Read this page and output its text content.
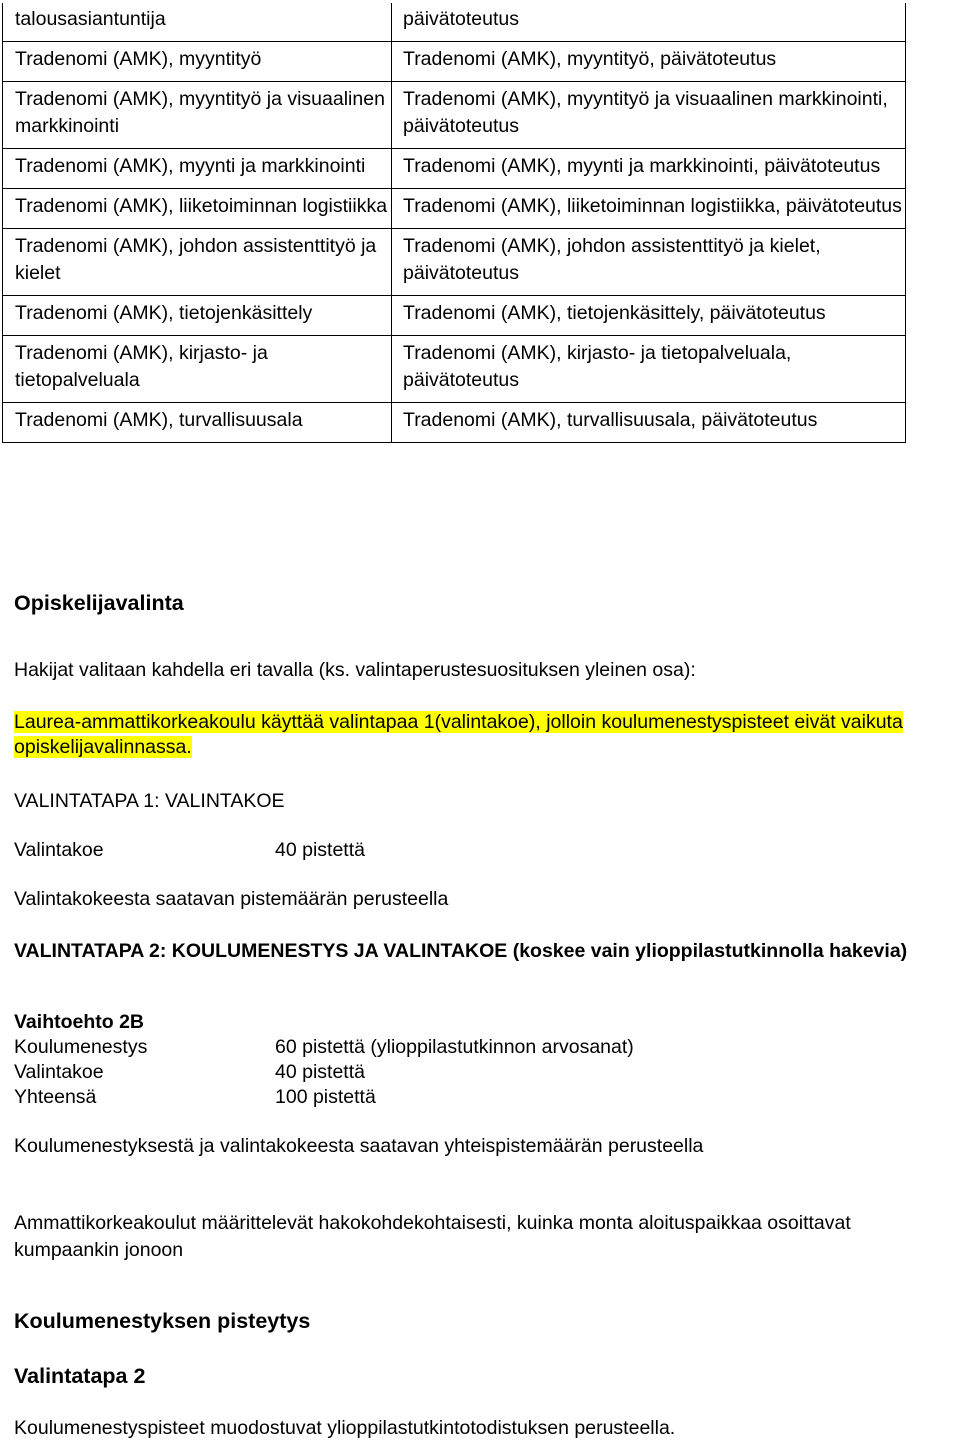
talousasiantuntija	päivätoteutus
Tradenomi (AMK), myyntityö	Tradenomi (AMK), myyntityö, päivätoteutus
Tradenomi (AMK), myyntityö ja visuaalinen markkinointi	Tradenomi (AMK), myyntityö ja visuaalinen markkinointi, päivätoteutus
Tradenomi (AMK), myynti ja markkinointi	Tradenomi (AMK), myynti ja markkinointi, päivätoteutus
Tradenomi (AMK), liiketoiminnan logistiikka	Tradenomi (AMK), liiketoiminnan logistiikka, päivätoteutus
Tradenomi (AMK), johdon assistenttityö ja kielet	Tradenomi (AMK), johdon assistenttityö ja kielet, päivätoteutus
Tradenomi (AMK), tietojenkäsittely	Tradenomi (AMK), tietojenkäsittely, päivätoteutus
Tradenomi (AMK), kirjasto- ja tietopalveluala	Tradenomi (AMK), kirjasto- ja tietopalveluala, päivätoteutus
Tradenomi (AMK), turvallisuusala	Tradenomi (AMK), turvallisuusala, päivätoteutus
Opiskelijavalinta
Hakijat valitaan kahdella eri tavalla (ks. valintaperustesuosituksen yleinen osa):
Laurea-ammattikorkeakoulu käyttää valintapaa 1(valintakoe), jolloin koulumenestyspisteet eivät vaikuta opiskelijavalinnassa.
VALINTATAPA 1: VALINTAKOE
Valintakoe	40 pistettä
Valintakokeesta saatavan pistemäärän perusteella
VALINTATAPA 2: KOULUMENESTYS JA VALINTAKOE (koskee vain ylioppilastutkinnolla hakevia)
Vaihtoehto 2B
Koulumenestys	60 pistettä (ylioppilastutkinnon arvosanat)
Valintakoe	40 pistettä
Yhteensä	100 pistettä
Koulumenestyksestä ja valintakokeesta saatavan yhteispistemäärän perusteella
Ammattikorkeakoulut määrittelevät hakokohdekohtaisesti, kuinka monta aloituspaikkaa osoittavat kumpaankin jonoon
Koulumenestyksen pisteytys
Valintatapa 2
Koulumenestyspisteet muodostuvat ylioppilastutkintotodistuksen perusteella.
